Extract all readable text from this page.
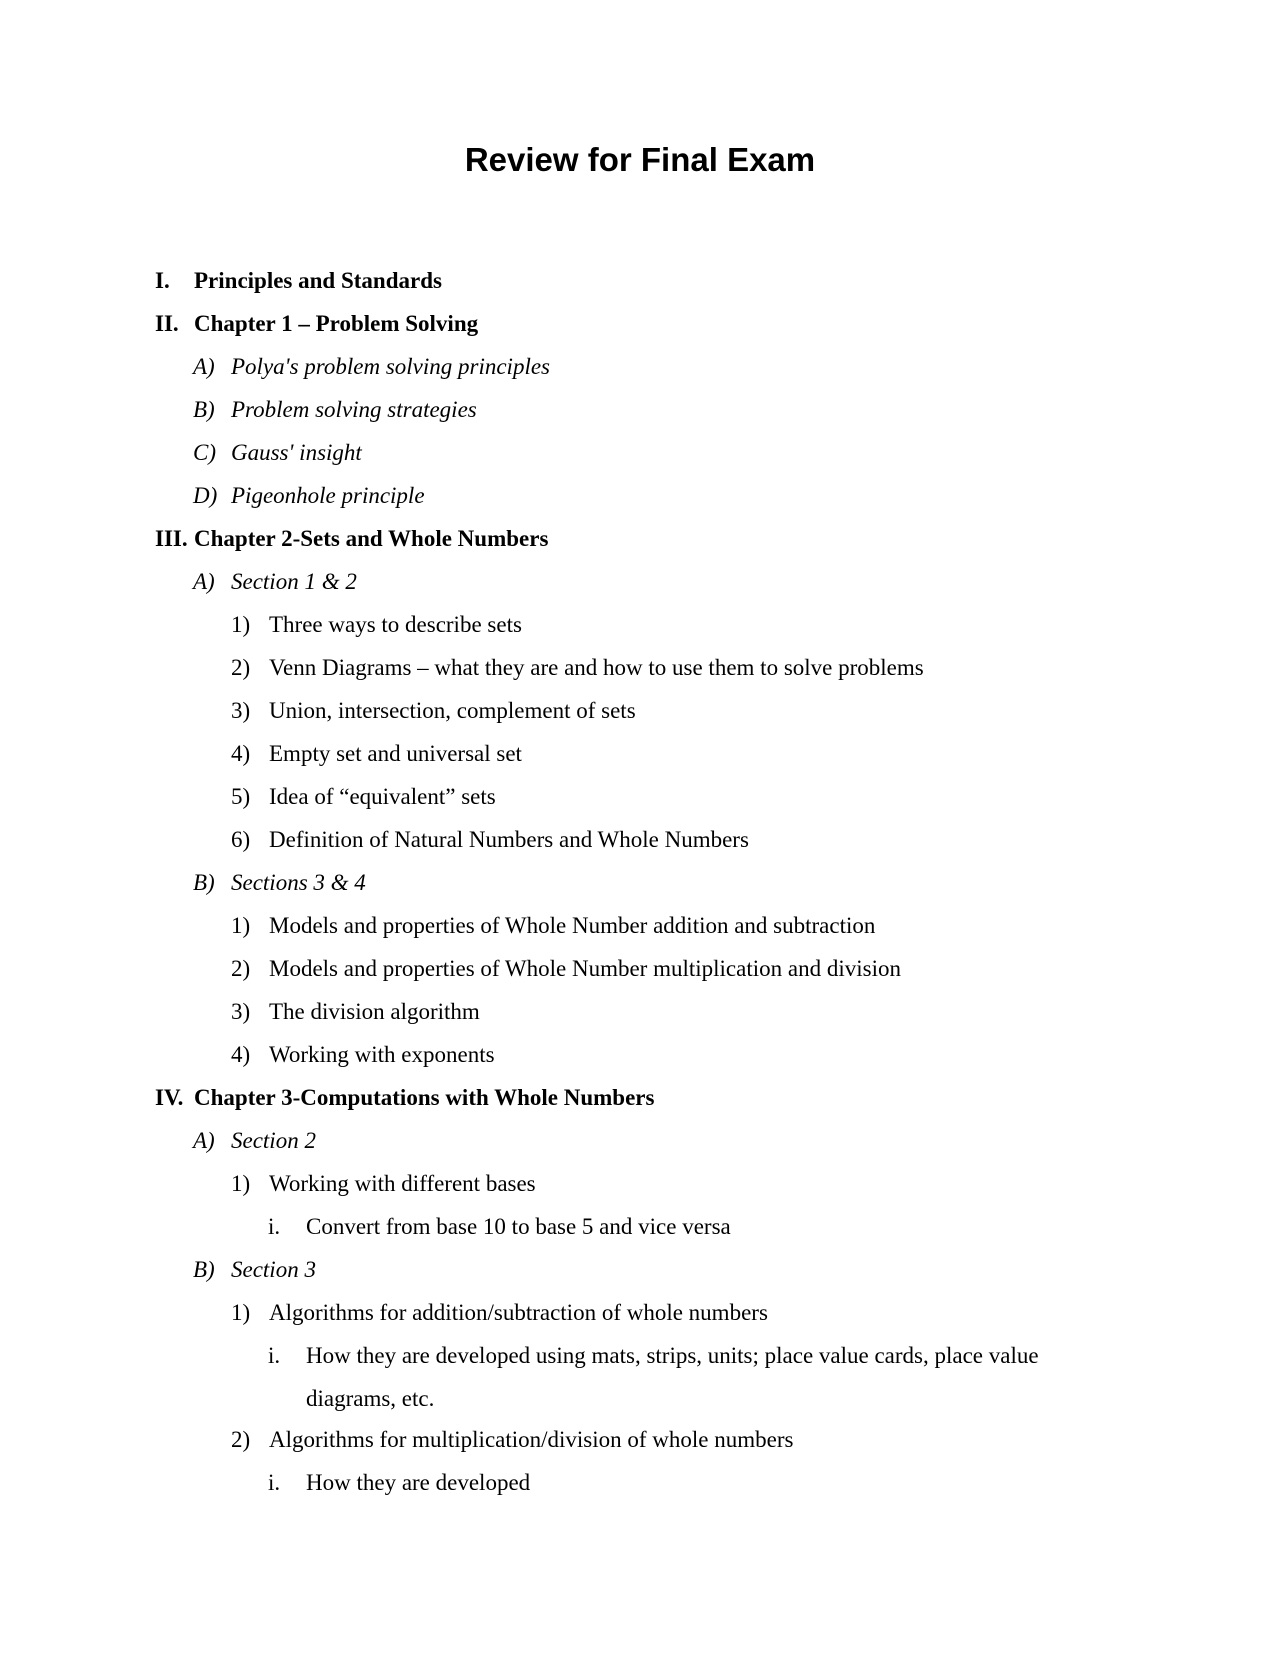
Review for Final Exam
I. Principles and Standards
II. Chapter 1 – Problem Solving
A) Polya's problem solving principles
B) Problem solving strategies
C) Gauss' insight
D) Pigeonhole principle
III. Chapter 2-Sets and Whole Numbers
A) Section 1 & 2
1) Three ways to describe sets
2) Venn Diagrams – what they are and how to use them to solve problems
3) Union, intersection, complement of sets
4) Empty set and universal set
5) Idea of “equivalent” sets
6) Definition of Natural Numbers and Whole Numbers
B) Sections 3 & 4
1) Models and properties of Whole Number addition and subtraction
2) Models and properties of Whole Number multiplication and division
3) The division algorithm
4) Working with exponents
IV. Chapter 3-Computations with Whole Numbers
A) Section 2
1) Working with different bases
i. Convert from base 10 to base 5 and vice versa
B) Section 3
1) Algorithms for addition/subtraction of whole numbers
i. How they are developed using mats, strips, units; place value cards, place value
diagrams, etc.
2) Algorithms for multiplication/division of whole numbers
i. How they are developed
